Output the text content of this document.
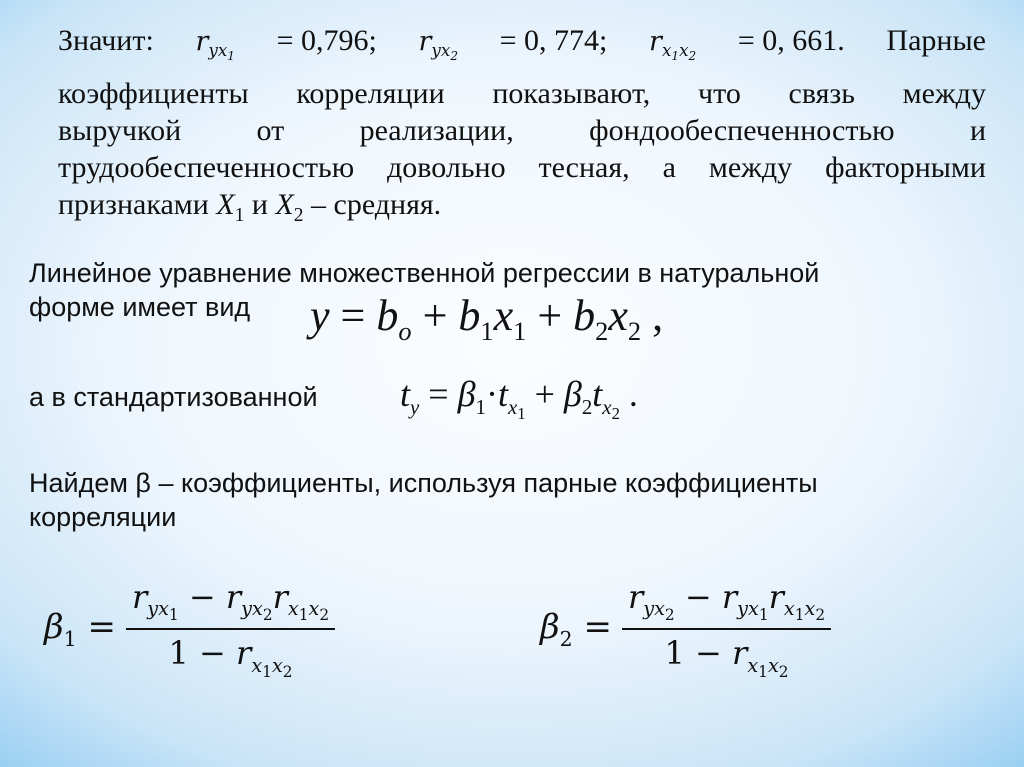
Значит: ryx1 = 0,796; ryx2 = 0, 774; rx1x2 = 0, 661. Парные
коэффициенты корреляции показывают, что связь между
выручкой	от	реализации,	фондообеспеченностью	и
трудообеспеченностью довольно тесная, а между факторными
признаками $X_1$ и $X_2$ – средняя.
Линейное уравнение множественной регрессии в натуральной
форме имеет вид	$y = b_o + b_1x_1 + b_2x_2$ ,
а в стандартизованной $t_y = \beta_1\cdot t_{x_1} + \beta_2t_{x_2}$ .
Найдем β – коэффициенты, используя парные коэффициенты
корреляции
$\beta_1 = \frac{r_{yx_1} - r_{yx_2}r_{x_1x_2}}{1 - r_{x_1x_2}}$	$\beta_2 = \frac{r_{yx_2} - r_{yx_1}r_{x_1x_2}}{1 - r_{x_1x_2}}$
